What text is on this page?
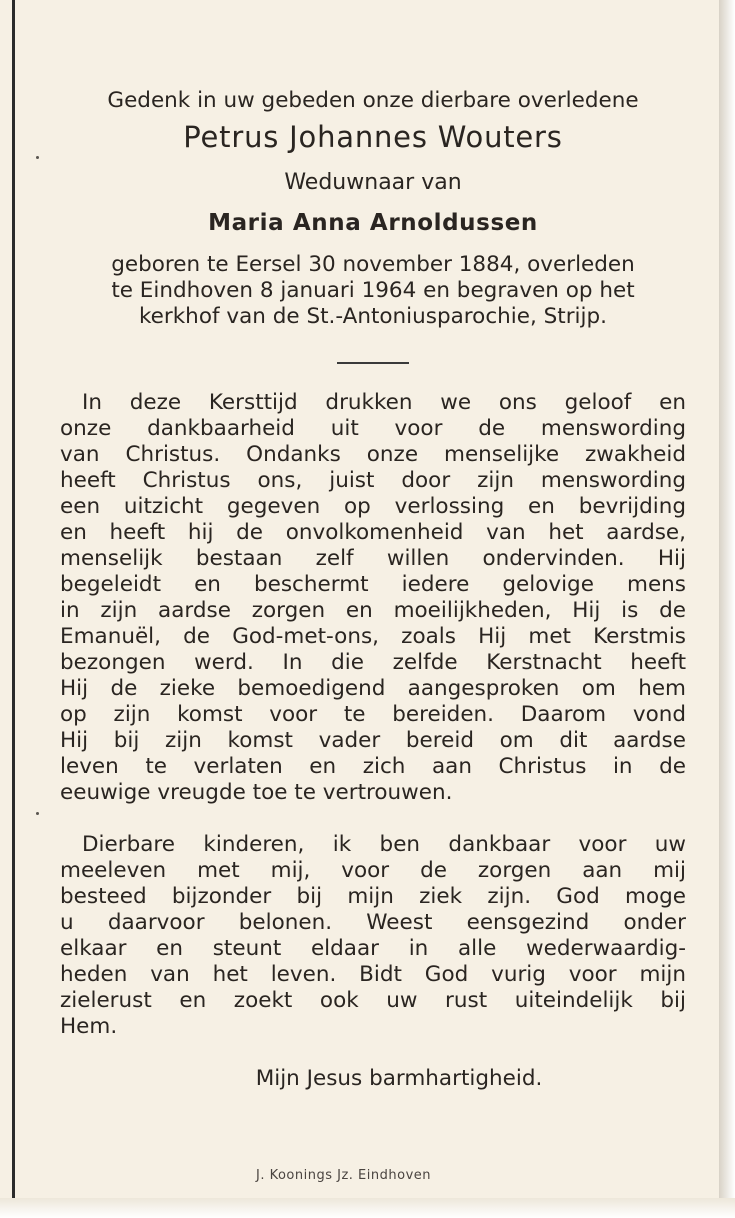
Gedenk in uw gebeden onze dierbare overledene
Petrus Johannes Wouters
Weduwnaar van
Maria Anna Arnoldussen
geboren te Eersel 30 november 1884, overleden
te Eindhoven 8 januari 1964 en begraven op het
kerkhof van de St.-Antoniusparochie, Strijp.
In deze Kersttijd drukken we ons geloof en
onze dankbaarheid uit voor de menswording
van Christus. Ondanks onze menselijke zwakheid
heeft Christus ons, juist door zijn menswording
een uitzicht gegeven op verlossing en bevrijding
en heeft hij de onvolkomenheid van het aardse,
menselijk bestaan zelf willen ondervinden. Hij
begeleidt en beschermt iedere gelovige mens
in zijn aardse zorgen en moeilijkheden, Hij is de
Emanuël, de God-met-ons, zoals Hij met Kerstmis
bezongen werd. In die zelfde Kerstnacht heeft
Hij de zieke bemoedigend aangesproken om hem
op zijn komst voor te bereiden. Daarom vond
Hij bij zijn komst vader bereid om dit aardse
leven te verlaten en zich aan Christus in de
eeuwige vreugde toe te vertrouwen.
Dierbare kinderen, ik ben dankbaar voor uw
meeleven met mij, voor de zorgen aan mij
besteed bijzonder bij mijn ziek zijn. God moge
u daarvoor belonen. Weest eensgezind onder
elkaar en steunt eldaar in alle wederwaardig-
heden van het leven. Bidt God vurig voor mijn
zielerust en zoekt ook uw rust uiteindelijk bij
Hem.
Mijn Jesus barmhartigheid.
J. Koonings Jz. Eindhoven
